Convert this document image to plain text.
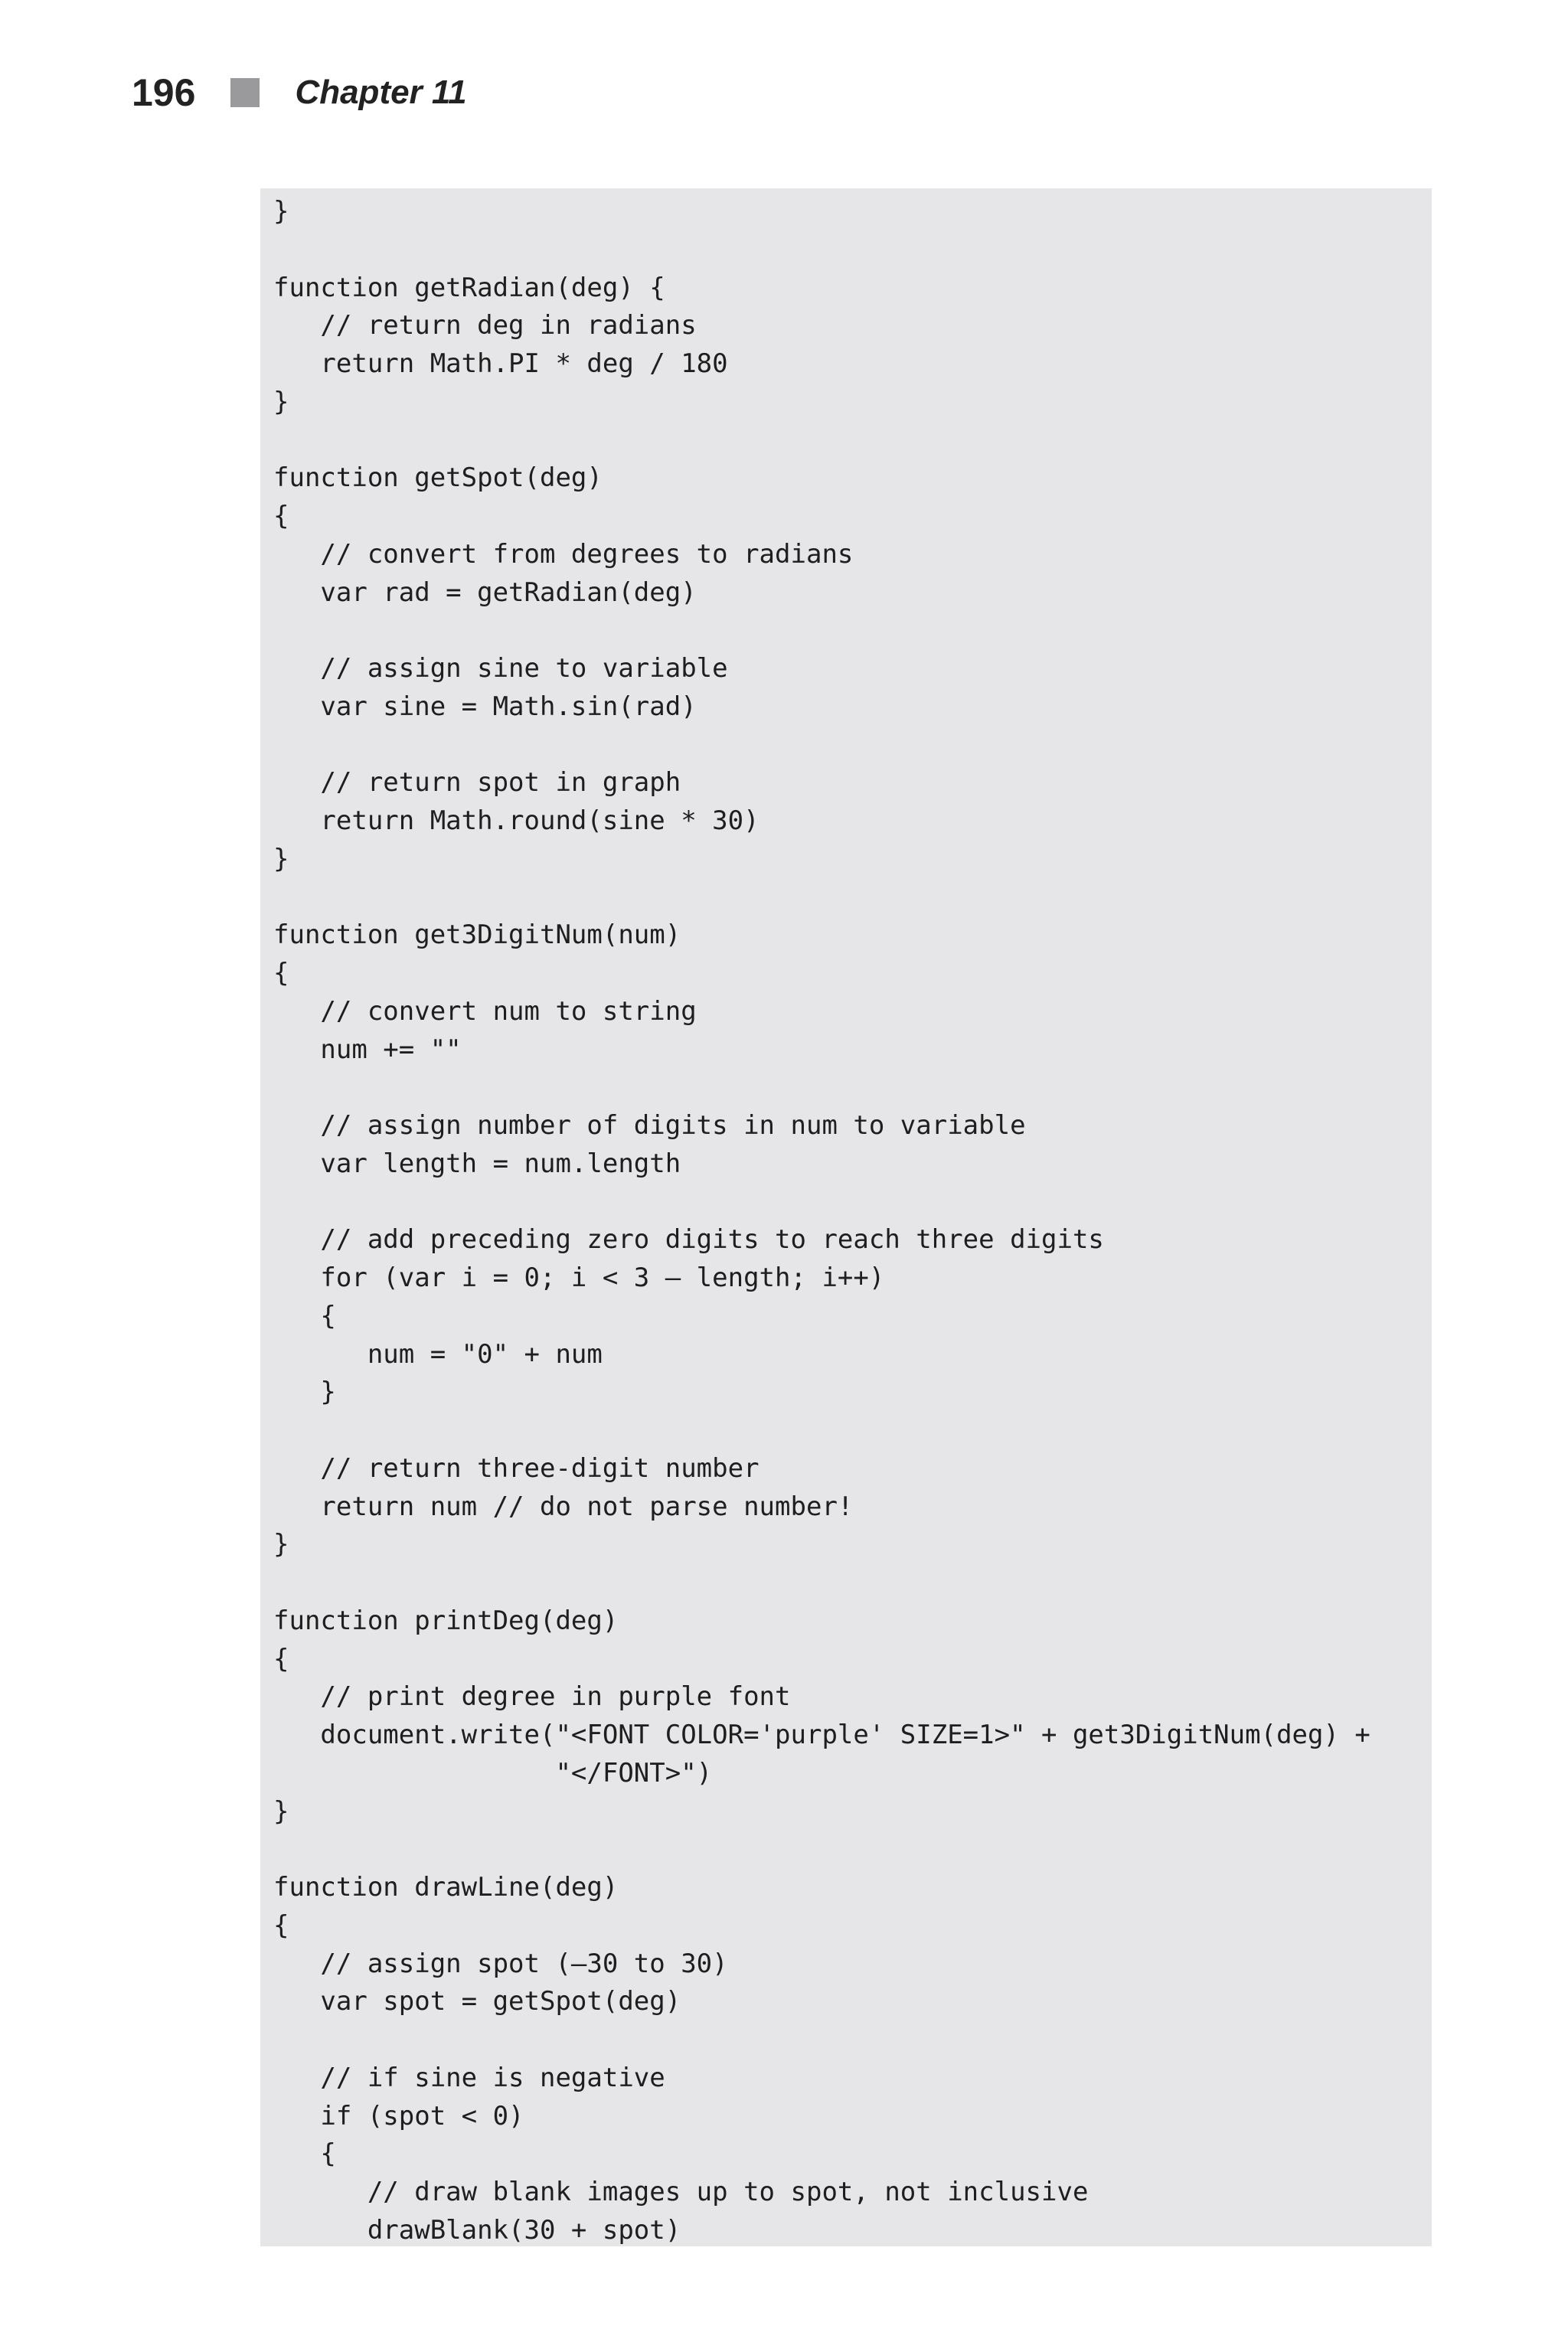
196	Chapter 11
}
function getRadian(deg) {
// return deg in radians
return Math.PI * deg / 180
}
function getSpot(deg)
{
// convert from degrees to radians
var rad = getRadian(deg)
// assign sine to variable
var sine = Math.sin(rad)
// return spot in graph
return Math.round(sine * 30)
}
function get3DigitNum(num)
{
// convert num to string
num += ""
// assign number of digits in num to variable
var length = num.length
// add preceding zero digits to reach three digits
for (var i = 0; i < 3 – length; i++)
{
num = "0" + num
}
// return three-digit number
return num // do not parse number!
}
function printDeg(deg)
{
// print degree in purple font
document.write("<FONT COLOR='purple' SIZE=1>" + get3DigitNum(deg) +
"</FONT>")
}
function drawLine(deg)
{
// assign spot (–30 to 30)
var spot = getSpot(deg)
// if sine is negative
if (spot < 0)
{
// draw blank images up to spot, not inclusive
drawBlank(30 + spot)
